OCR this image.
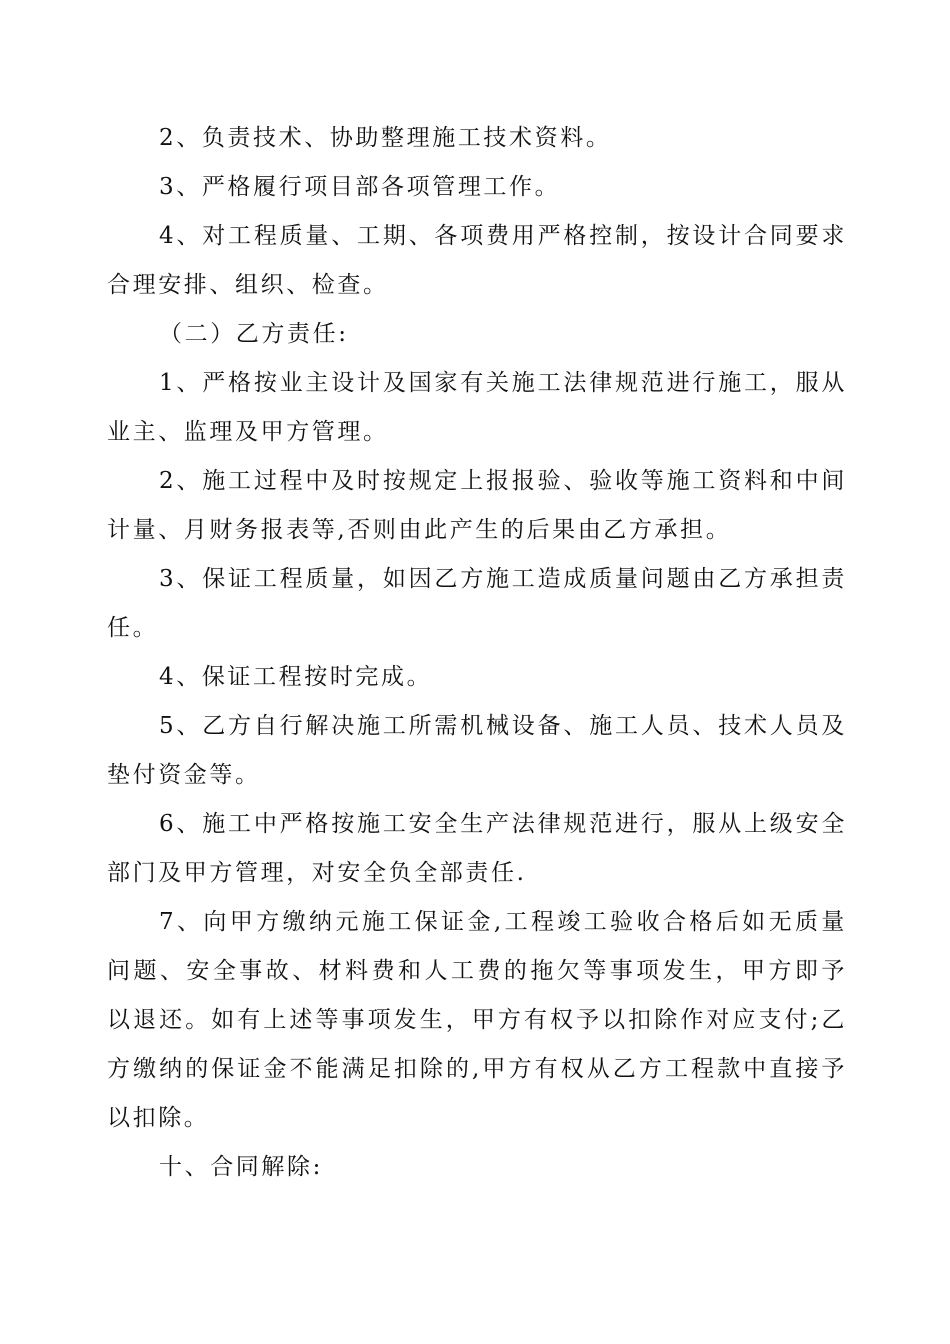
2、负责技术、协助整理施工技术资料。

3、严格履行项目部各项管理工作。

4、对工程质量、工期、各项费用严格控制，按设计合同要求合理安排、组织、检查。

（二）乙方责任:

1、严格按业主设计及国家有关施工法律规范进行施工，服从业主、监理及甲方管理。

2、施工过程中及时按规定上报报验、验收等施工资料和中间计量、月财务报表等,否则由此产生的后果由乙方承担。

3、保证工程质量，如因乙方施工造成质量问题由乙方承担责任。

4、保证工程按时完成。

5、乙方自行解决施工所需机械设备、施工人员、技术人员及垫付资金等。

6、施工中严格按施工安全生产法律规范进行，服从上级安全部门及甲方管理，对安全负全部责任.

7、向甲方缴纳元施工保证金,工程竣工验收合格后如无质量问题、安全事故、材料费和人工费的拖欠等事项发生，甲方即予以退还。如有上述等事项发生，甲方有权予以扣除作对应支付;乙方缴纳的保证金不能满足扣除的,甲方有权从乙方工程款中直接予以扣除。

十、合同解除:
